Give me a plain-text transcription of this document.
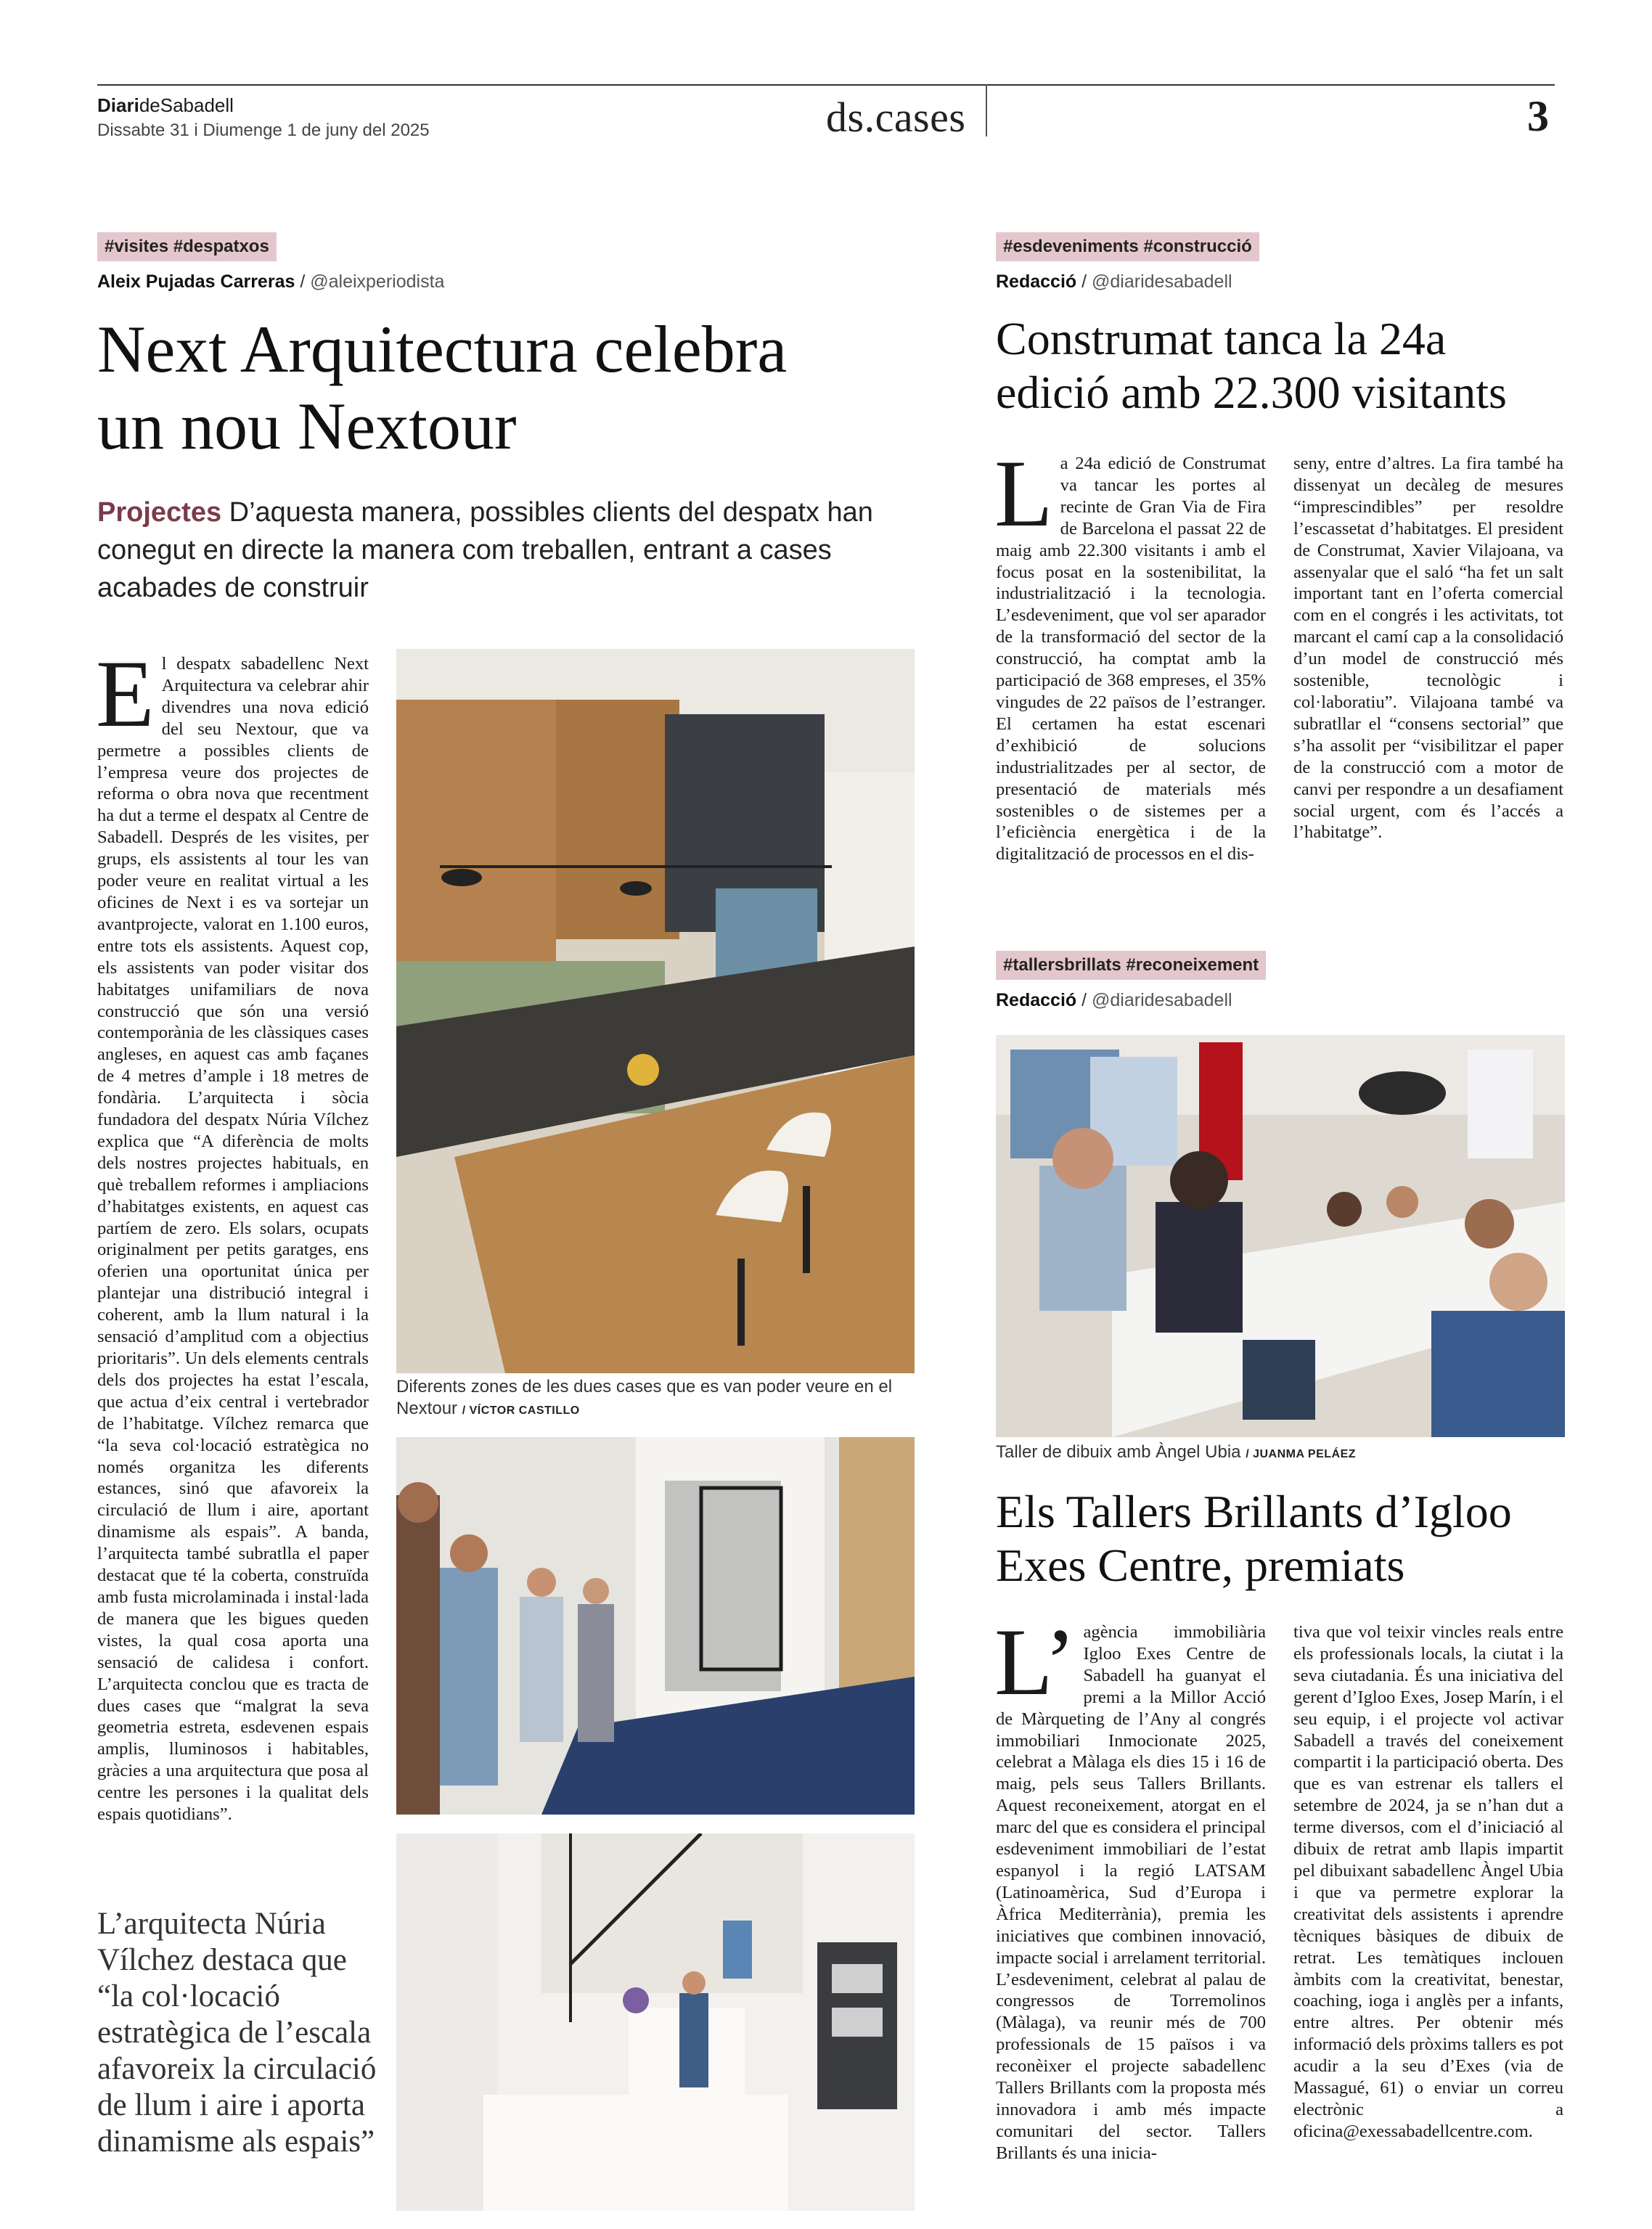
DiarideSabadell
Dissabte 31 i Diumenge 1 de juny del 2025	ds.cases	3
#visites #despatxos
Aleix Pujadas Carreras / @aleixperiodista
Next Arquitectura celebra un nou Nextour
Projectes D’aquesta manera, possibles clients del despatx han conegut en directe la manera com treballen, entrant a cases acabades de construir
E l despatx sabadellenc Next Arquitectura va celebrar ahir divendres una nova edició del seu Nextour, que va permetre a possibles clients de l’empresa veure dos projectes de reforma o obra nova que recentment ha dut a terme el despatx al Centre de Sabadell. Després de les visites, per grups, els assistents al tour les van poder veure en realitat virtual a les oficines de Next i es va sortejar un avantprojecte, valorat en 1.100 euros, entre tots els assistents. Aquest cop, els assistents van poder visitar dos habitatges unifamiliars de nova construcció que són una versió contemporània de les clàssiques cases angleses, en aquest cas amb façanes de 4 metres d’ample i 18 metres de fondària. L’arquitecta i sòcia fundadora del despatx Núria Vílchez explica que “A diferència de molts dels nostres projectes habituals, en què treballem reformes i ampliacions d’habitatges existents, en aquest cas partíem de zero. Els solars, ocupats originalment per petits garatges, ens oferien una oportunitat única per plantejar una distribució integral i coherent, amb la llum natural i la sensació d’amplitud com a objectius prioritaris”. Un dels elements centrals dels dos projectes ha estat l’escala, que actua d’eix central i vertebrador de l’habitatge. Vílchez remarca que “la seva col·locació estratègica no només organitza les diferents estances, sinó que afavoreix la circulació de llum i aire, aportant dinamisme als espais”. A banda, l’arquitecta també subratlla el paper destacat que té la coberta, construïda amb fusta microlaminada i instal·lada de manera que les bigues queden vistes, la qual cosa aporta una sensació de calidesa i confort. L’arquitecta conclou que es tracta de dues cases que “malgrat la seva geometria estreta, esdevenen espais amplis, lluminosos i habitables, gràcies a una arquitectura que posa al centre les persones i la qualitat dels espais quotidians”.

L’arquitecta Núria Vílchez destaca que “la col·locació estratègica de l’escala afavoreix la circulació de llum i aire i aporta dinamisme als espais”
Diferents zones de les dues cases que es van poder veure en el Nextour / VÍCTOR CASTILLO
#esdeveniments #construcció
Redacció / @diaridesabadell
Construmat tanca la 24a edició amb 22.300 visitants
L a 24a edició de Construmat va tancar les portes al recinte de Gran Via de Fira de Barcelona el passat 22 de maig amb 22.300 visitants i amb el focus posat en la sostenibilitat, la industrialització i la tecnologia. L’esdeveniment, que vol ser aparador de la transformació del sector de la construcció, ha comptat amb la participació de 368 empreses, el 35% vingudes de 22 països de l’estranger. El certamen ha estat escenari d’exhibició de solucions industrialitzades per al sector, de presentació de materials més sostenibles o de sistemes per a l’eficiència energètica i de la digitalització de processos en el dis-

seny, entre d’altres. La fira també ha dissenyat un decàleg de mesures “imprescindibles” per resoldre l’escassetat d’habitatges. El president de Construmat, Xavier Vilajoana, va assenyalar que el saló “ha fet un salt important tant en l’oferta comercial com en el congrés i les activitats, tot marcant el camí cap a la consolidació d’un model de construcció més sostenible, tecnològic i col·laboratiu”. Vilajoana també va subratllar el “consens sectorial” que s’ha assolit per “visibilitzar el paper de la construcció com a motor de canvi per respondre a un desafiament social urgent, com és l’accés a l’habitatge”.
#tallersbrillats #reconeixement
Redacció / @diaridesabadell
Taller de dibuix amb Àngel Ubia / JUANMA PELÁEZ
Els Tallers Brillants d’Igloo Exes Centre, premiats
L’ agència immobiliària Igloo Exes Centre de Sabadell ha guanyat el premi a la Millor Acció de Màrqueting de l’Any al congrés immobiliari Inmocionate 2025, celebrat a Màlaga els dies 15 i 16 de maig, pels seus Tallers Brillants. Aquest reconeixement, atorgat en el marc del que es considera el principal esdeveniment immobiliari de l’estat espanyol i la regió LATSAM (Latinoamèrica, Sud d’Europa i Àfrica Mediterrània), premia les iniciatives que combinen innovació, impacte social i arrelament territorial. L’esdeveniment, celebrat al palau de congressos de Torremolinos (Màlaga), va reunir més de 700 professionals de 15 països i va reconèixer el projecte sabadellenc Tallers Brillants com la proposta més innovadora i amb més impacte comunitari del sector. Tallers Brillants és una inicia-

tiva que vol teixir vincles reals entre els professionals locals, la ciutat i la seva ciutadania. És una iniciativa del gerent d’Igloo Exes, Josep Marín, i el seu equip, i el projecte vol activar Sabadell a través del coneixement compartit i la participació oberta. Des que es van estrenar els tallers el setembre de 2024, ja se n’han dut a terme diversos, com el d’iniciació al dibuix de retrat amb llapis impartit pel dibuixant sabadellenc Àngel Ubia i que va permetre explorar la creativitat dels assistents i aprendre tècniques bàsiques de dibuix de retrat. Les temàtiques inclouen àmbits com la creativitat, benestar, coaching, ioga i anglès per a infants, entre altres. Per obtenir més informació dels pròxims tallers es pot acudir a la seu d’Exes (via de Massagué, 61) o enviar un correu electrònic a oficina@exessabadellcentre.com.
